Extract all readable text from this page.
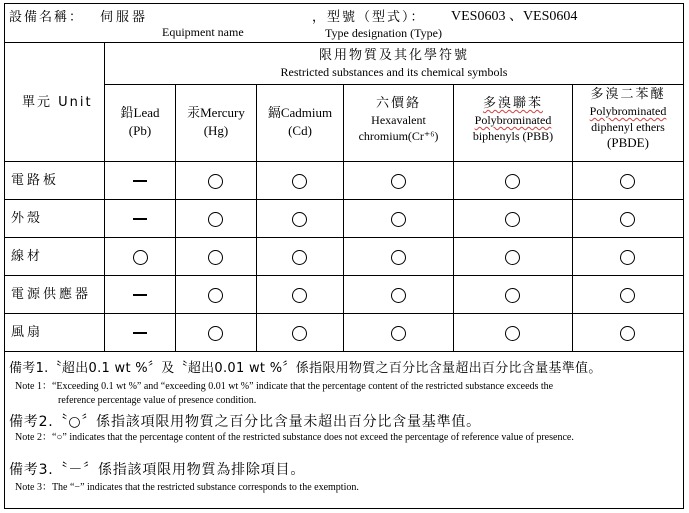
設備名稱： 伺服器	，型號（型式）： VES0603 、VES0604
Equipment name	Type designation (Type)
單元 Unit
限用物質及其化學符號
Restricted substances and its chemical symbols
鉛Lead
(Pb)
汞Mercury
(Hg)
鎘Cadmium
(Cd)
六價鉻
Hexavalent
chromium(Cr⁺⁶)
多溴聯苯
Polybrominated
biphenyls (PBB)
多溴二苯醚
Polybrominated
diphenyl ethers
(PBDE)
電路板
外殼
線材
電源供應器
風扇
備考1.〝超出0.1 wt %〞及〝超出0.01 wt %〞係指限用物質之百分比含量超出百分比含量基準值。
Note 1：“Exceeding 0.1 wt %” and “exceeding 0.01 wt %” indicate that the percentage content of the restricted substance exceeds the
reference percentage value of presence condition.
備考2.〝○〞係指該項限用物質之百分比含量未超出百分比含量基準值。
Note 2：“○” indicates that the percentage content of the restricted substance does not exceed the percentage of reference value of presence.
備考3.〝－〞係指該項限用物質為排除項目。
Note 3：The “−” indicates that the restricted substance corresponds to the exemption.
